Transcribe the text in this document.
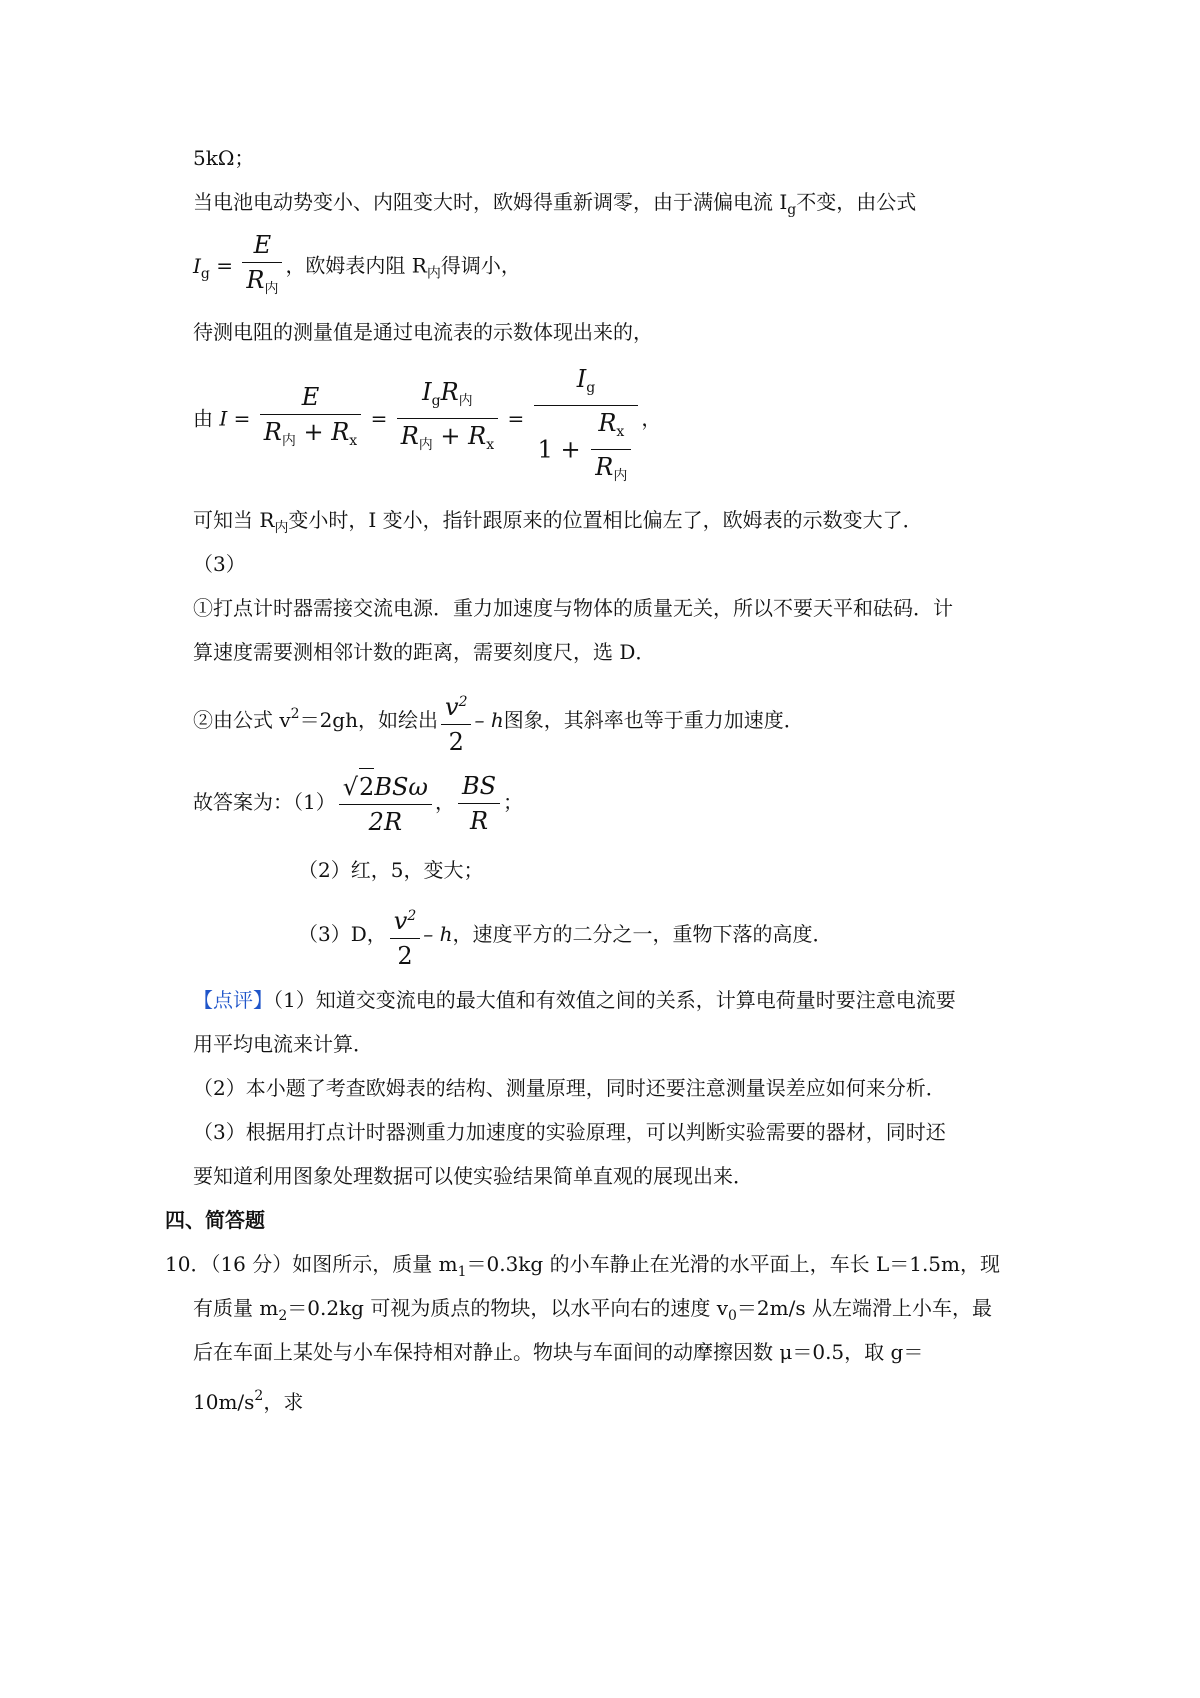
5kΩ；
当电池电动势变小、内阻变大时，欧姆得重新调零，由于满偏电流 $I_g$不变，由公式
$I_g = \frac{E}{R_内}$ ，欧姆表内阻 $R_内$得调小，
待测电阻的测量值是通过电流表的示数体现出来的，
由 $I = \frac{E}{R_内 + R_x} = \frac{I_gR_内}{R_内 + R_x} = \frac{I_g}{1 + \frac{R_x}{R_内}}$ ，
可知当 $R_内$变小时，I 变小，指针跟原来的位置相比偏左了，欧姆表的示数变大了．
（3）
①打点计时器需接交流电源．重力加速度与物体的质量无关，所以不要天平和砝码．计
算速度需要测相邻计数的距离，需要刻度尺，选 D．
②由公式 $v^2=2gh$，如绘出 $\frac{v^2}{2}$ – h图象，其斜率也等于重力加速度．
故答案为：$(1) \frac{\text{√2BSω}}{2R}$ ， $\frac{BS}{R}$ ；
（2）红，5，变大；
（3）D， $\frac{v^2}{2}$ – h，速度平方的二分之一，重物下落的高度．
【点评】（1）知道交变流电的最大值和有效值之间的关系，计算电荷量时要注意电流要
用平均电流来计算．
（2）本小题了考查欧姆表的结构、测量原理，同时还要注意测量误差应如何来分析．
（3）根据用打点计时器测重力加速度的实验原理，可以判断实验需要的器材，同时还
要知道利用图象处理数据可以使实验结果简单直观的展现出来．
四、简答题
10．（16 分）如图所示，质量 $m_1=0.3kg$ 的小车静止在光滑的水平面上，车长 L＝1.5m，现
有质量 $m_2=0.2kg$ 可视为质点的物块，以水平向右的速度 $v_0=2m/s$ 从左端滑上小车，最
后在车面上某处与小车保持相对静止。物块与车面间的动摩擦因数 μ＝0.5，取 g＝
$10m/s^2$，求
